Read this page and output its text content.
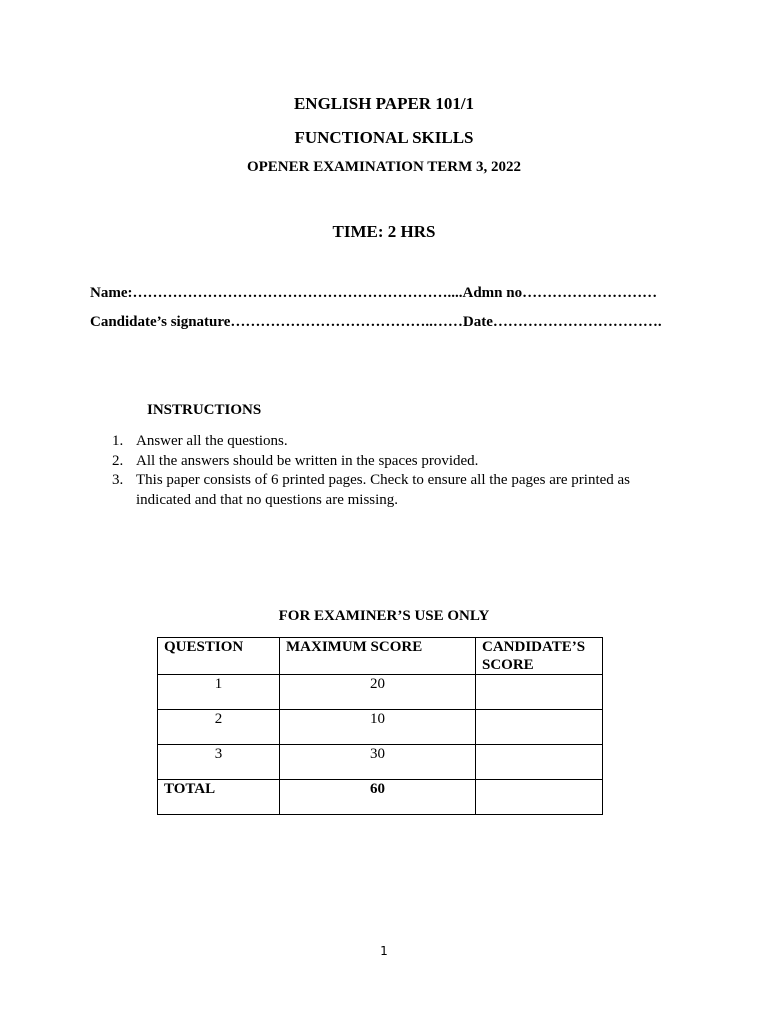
ENGLISH PAPER 101/1

FUNCTIONAL SKILLS

OPENER EXAMINATION TERM 3, 2022

TIME: 2 HRS

Name:………………………………………………………....Admn no………………………

Candidate’s signature…………………………………..……Date…………………………….

INSTRUCTIONS

1. Answer all the questions.
2. All the answers should be written in the spaces provided.
3. This paper consists of 6 printed pages. Check to ensure all the pages are printed as indicated and that no questions are missing.

FOR EXAMINER’S USE ONLY

QUESTION	MAXIMUM SCORE	CANDIDATE’S SCORE
1	20	
2	10	
3	30	
TOTAL	60	

1
